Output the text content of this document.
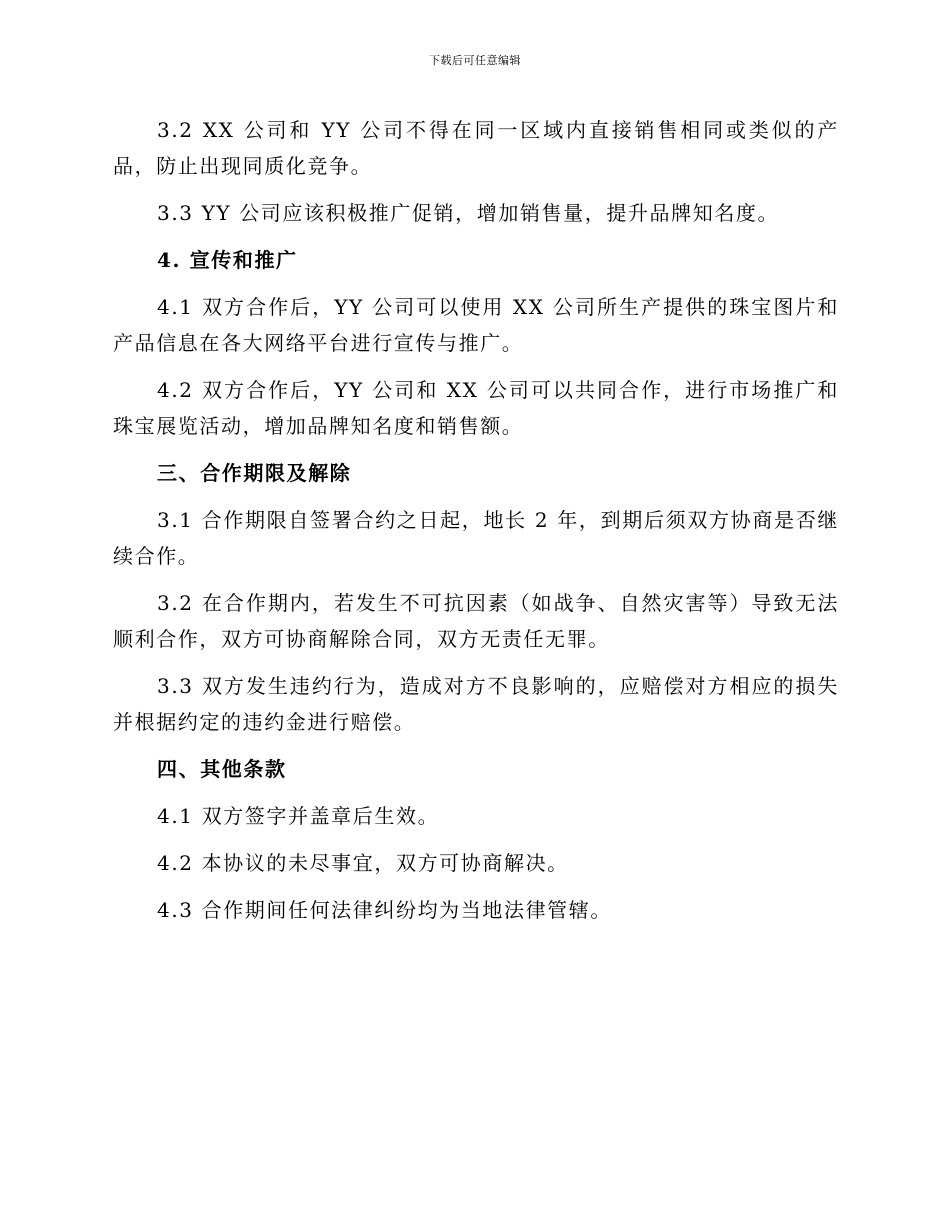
下载后可任意编辑

3.2 XX 公司和 YY 公司不得在同一区域内直接销售相同或类似的产品，防止出现同质化竞争。

3.3 YY 公司应该积极推广促销，增加销售量，提升品牌知名度。

4. 宣传和推广

4.1 双方合作后，YY 公司可以使用 XX 公司所生产提供的珠宝图片和产品信息在各大网络平台进行宣传与推广。

4.2 双方合作后，YY 公司和 XX 公司可以共同合作，进行市场推广和珠宝展览活动，增加品牌知名度和销售额。

三、合作期限及解除

3.1 合作期限自签署合约之日起，地长 2 年，到期后须双方协商是否继续合作。

3.2 在合作期内，若发生不可抗因素（如战争、自然灾害等）导致无法顺利合作，双方可协商解除合同，双方无责任无罪。

3.3 双方发生违约行为，造成对方不良影响的，应赔偿对方相应的损失并根据约定的违约金进行赔偿。

四、其他条款

4.1 双方签字并盖章后生效。

4.2 本协议的未尽事宜，双方可协商解决。

4.3 合作期间任何法律纠纷均为当地法律管辖。
